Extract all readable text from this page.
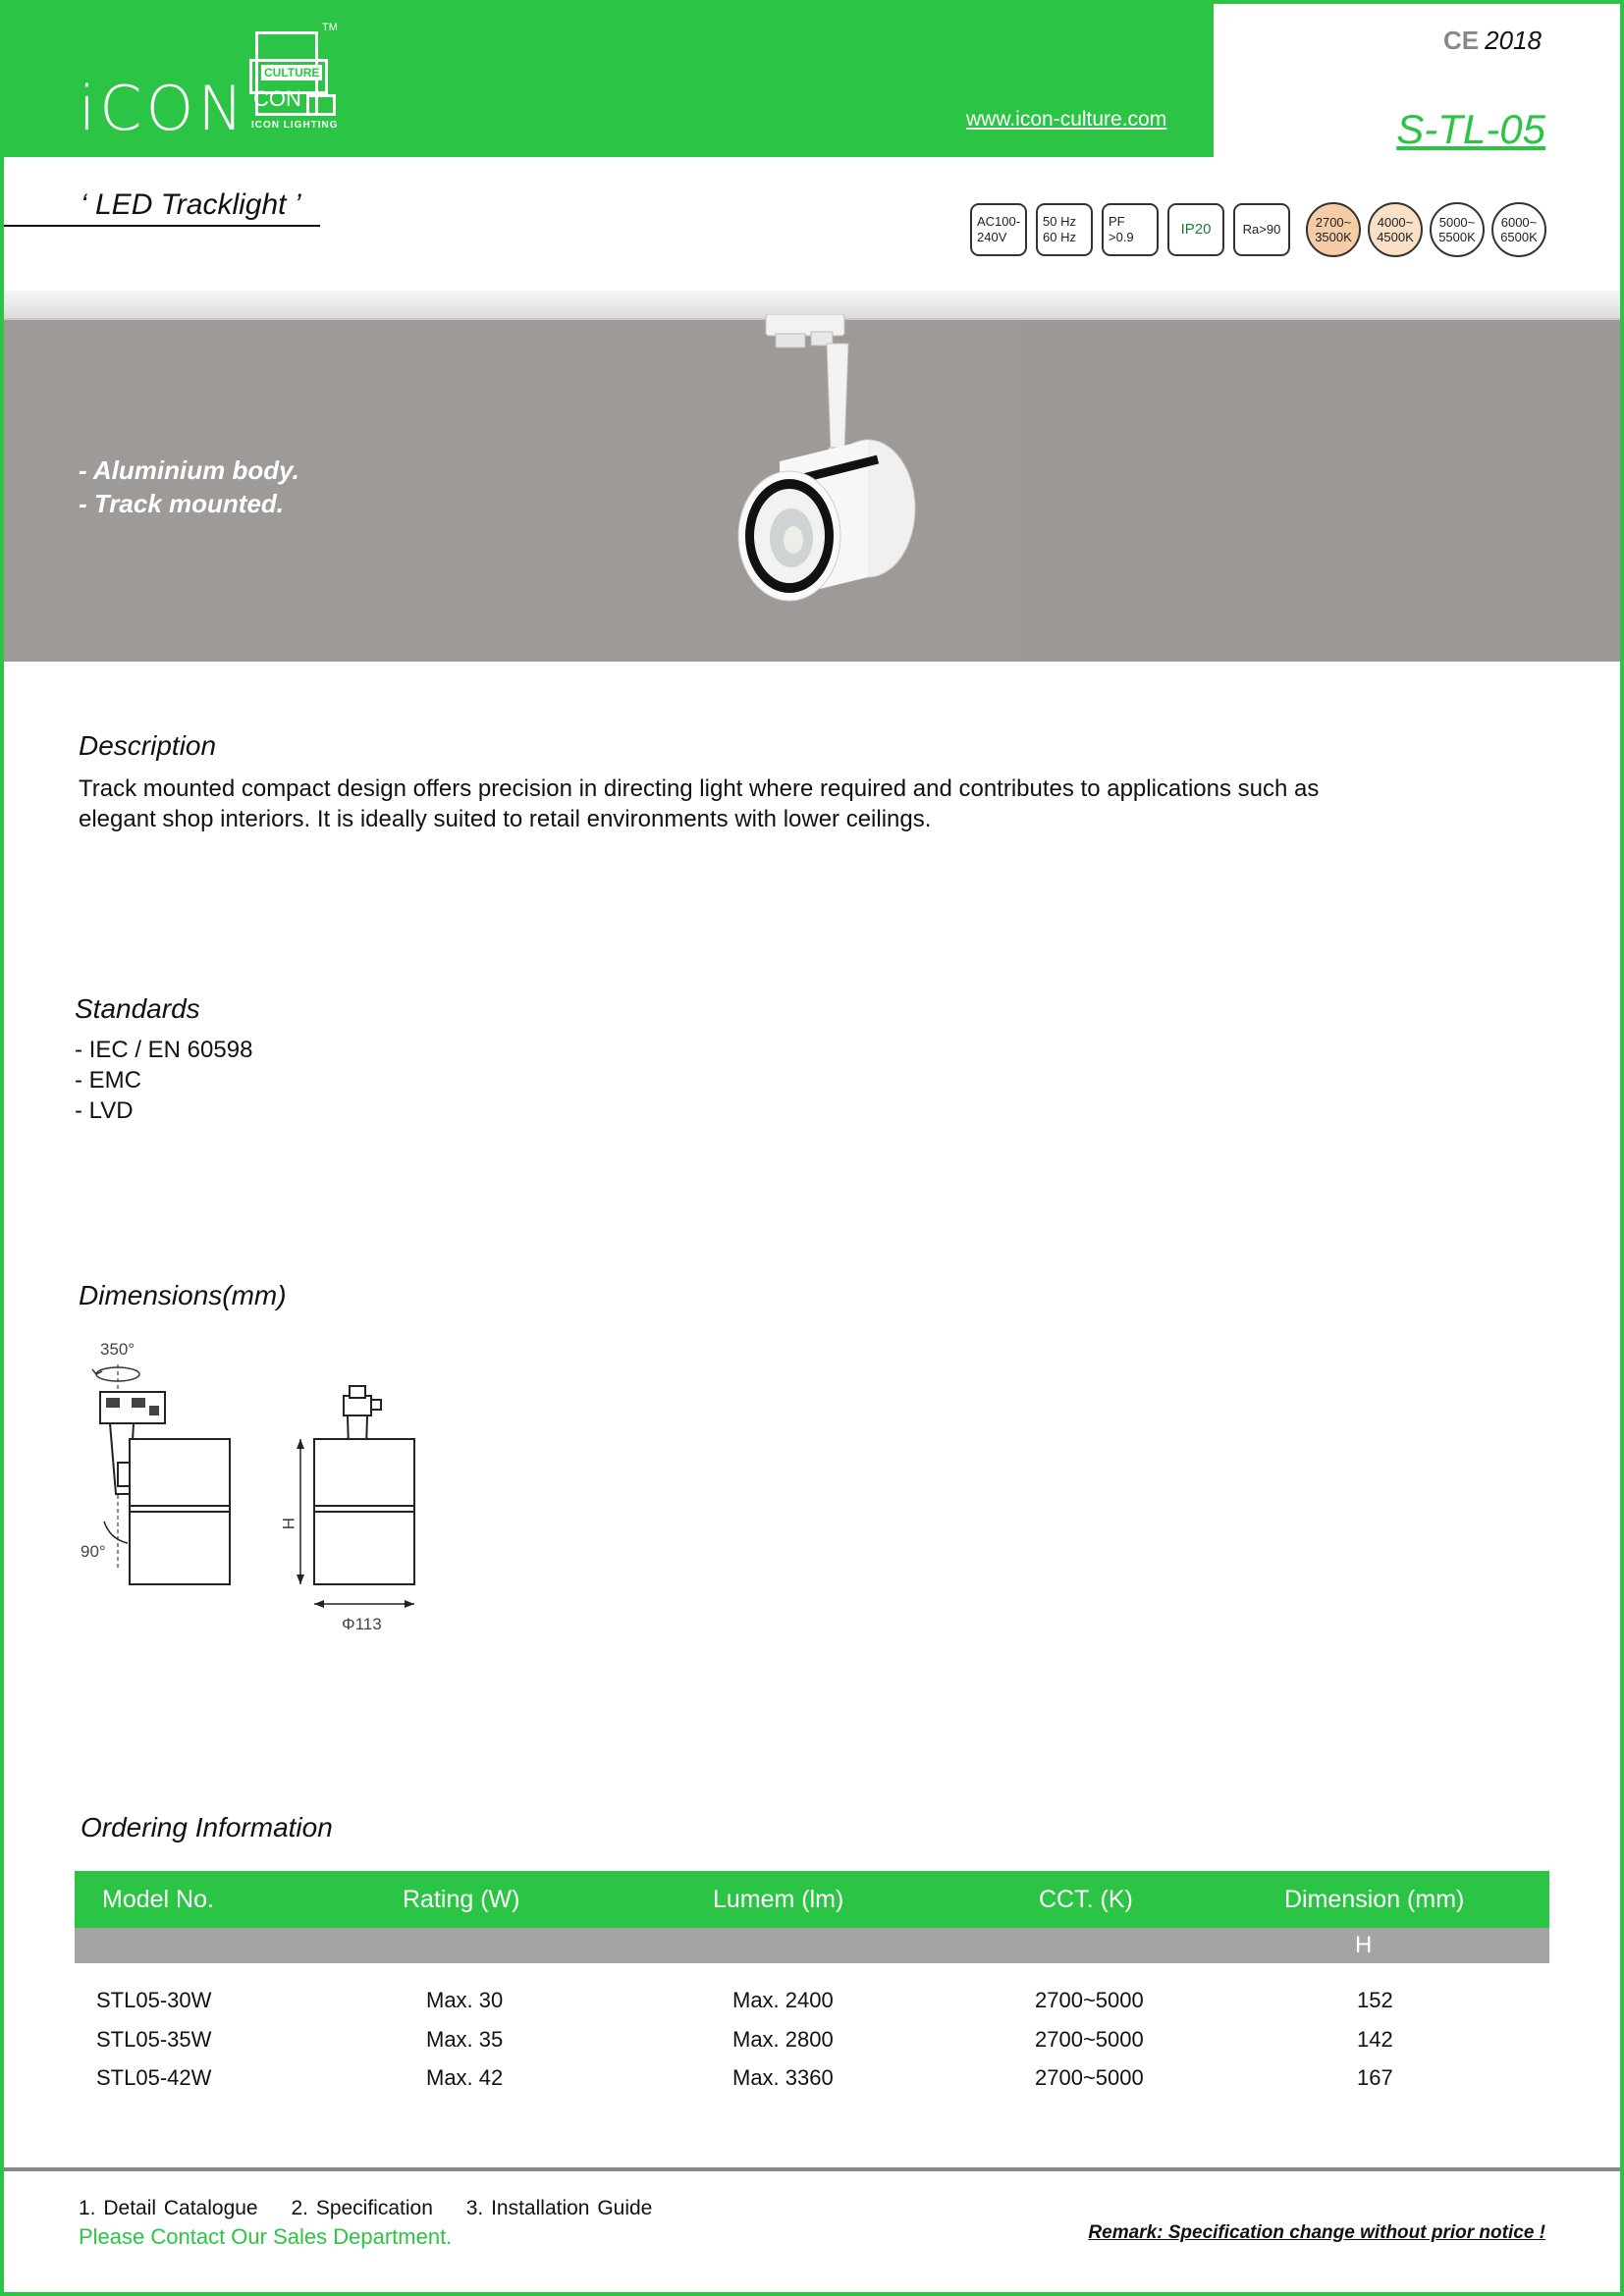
iCON CULTURE
CON
TM
ICON LIGHTING	www.icon-culture.com
CE 2018
S-TL-05
‘ LED Tracklight ’
AC100-
240V
50 Hz
60 Hz
PF
>0.9	IP20 Ra>90	2700~
3500K
4000~
4500K
5000~
5500K
6000~
6500K
- Aluminium body.
- Track mounted.
Description
Track mounted compact design offers precision in directing light where required and contributes to applications such as
elegant shop interiors. It is ideally suited to retail environments with lower ceilings.
Standards
- IEC / EN 60598
- EMC
- LVD
Dimensions(mm)
350°
90°
H
Φ113
Ordering Information
Model No.	Rating (W)	Lumem (lm)	CCT. (K)	Dimension (mm)
H
STL05-30W	Max. 30	Max. 2400	2700~5000	152
STL05-35W	Max. 35	Max. 2800	2700~5000	142
STL05-42W	Max. 42	Max. 3360	2700~5000	167
1. Detail Catalogue 2. Specification 3. Installation Guide
Please Contact Our Sales Department.	Remark: Specification change without prior notice !
